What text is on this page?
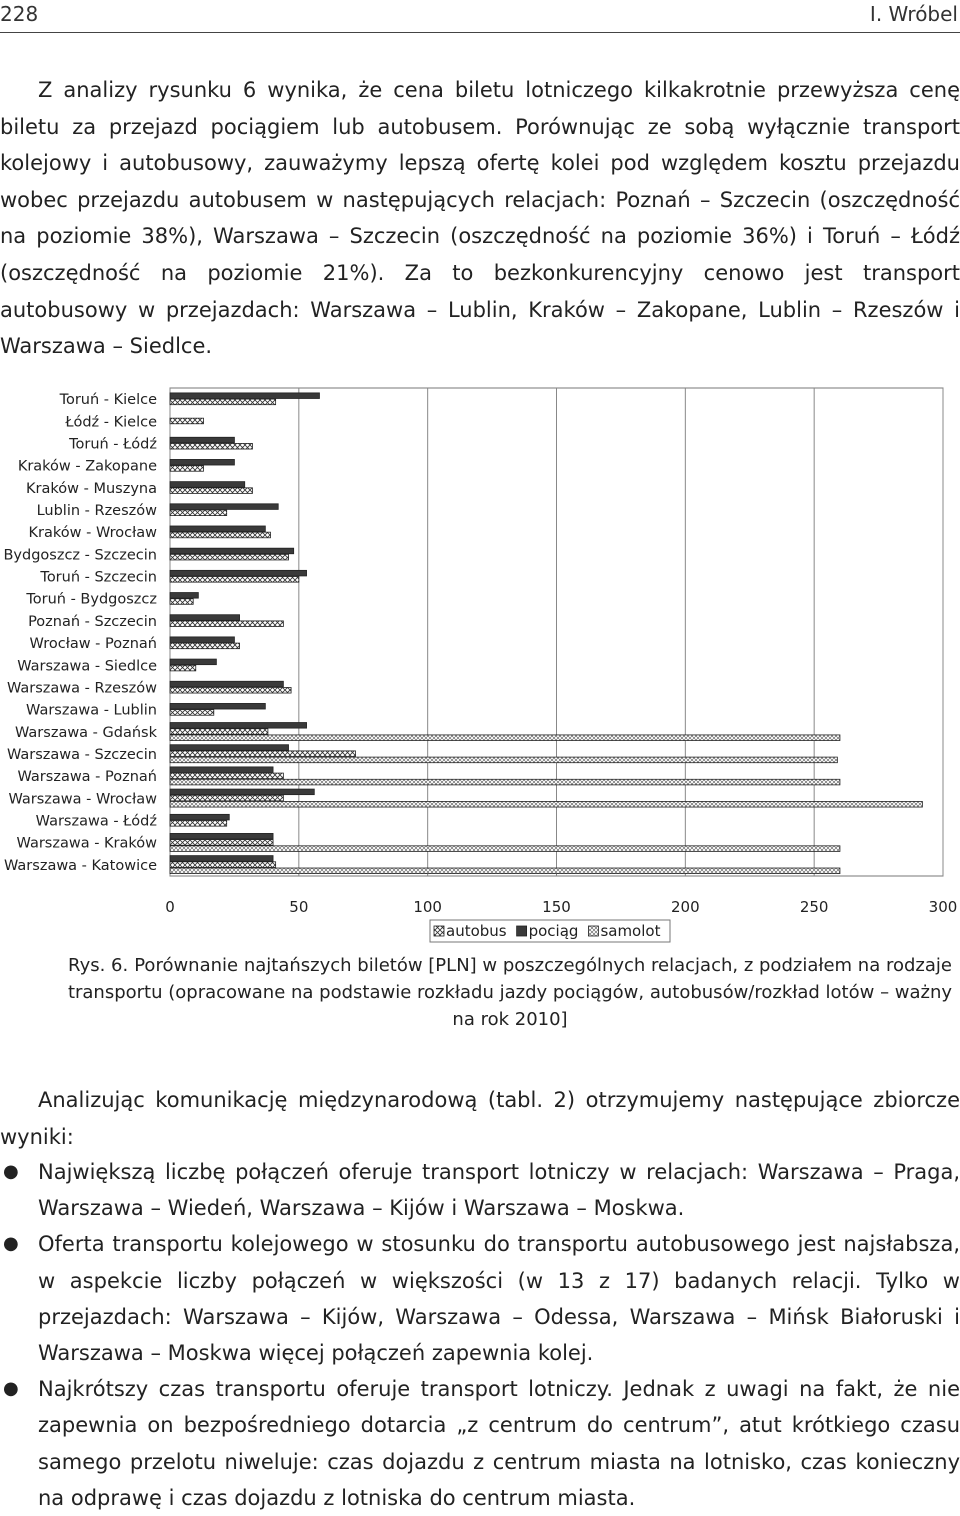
228	I. Wróbel

Z analizy rysunku 6 wynika, że cena biletu lotniczego kilkakrotnie przewyższa cenę biletu za przejazd pociągiem lub autobusem. Porównując ze sobą wyłącznie transport kolejowy i autobusowy, zauważymy lepszą ofertę kolei pod względem kosztu przejazdu wobec przejazdu autobusem w następujących relacjach: Poznań – Szczecin (oszczędność na poziomie 38%), Warszawa – Szczecin (oszczędność na poziomie 36%) i Toruń – Łódź (oszczędność na poziomie 21%). Za to bezkonkurencyjny cenowo jest transport autobusowy w przejazdach: Warszawa – Lublin, Kraków – Zakopane, Lublin – Rzeszów i Warszawa – Siedlce.

Toruń - Kielce
Łódź - Kielce
Toruń - Łódź
Kraków - Zakopane
Kraków - Muszyna
Lublin - Rzeszów
Kraków - Wrocław
Bydgoszcz - Szczecin
Toruń - Szczecin
Toruń - Bydgoszcz
Poznań - Szczecin
Wrocław - Poznań
Warszawa - Siedlce
Warszawa - Rzeszów
Warszawa - Lublin
Warszawa - Gdańsk
Warszawa - Szczecin
Warszawa - Poznań
Warszawa - Wrocław
Warszawa - Łódź
Warszawa - Kraków
Warszawa - Katowice
0	50	100	150	200	250	300
autobus pociąg samolot
Rys. 6. Porównanie najtańszych biletów [PLN] w poszczególnych relacjach, z podziałem na rodzaje transportu (opracowane na podstawie rozkładu jazdy pociągów, autobusów/rozkład lotów – ważny na rok 2010]

Analizując komunikację międzynarodową (tabl. 2) otrzymujemy następujące zbiorcze wyniki:

● Największą liczbę połączeń oferuje transport lotniczy w relacjach: Warszawa – Praga, Warszawa – Wiedeń, Warszawa – Kijów i Warszawa – Moskwa.
● Oferta transportu kolejowego w stosunku do transportu autobusowego jest najsłabsza, w aspekcie liczby połączeń w większości (w 13 z 17) badanych relacji. Tylko w przejazdach: Warszawa – Kijów, Warszawa – Odessa, Warszawa – Mińsk Białoruski i Warszawa – Moskwa więcej połączeń zapewnia kolej.
● Najkrótszy czas transportu oferuje transport lotniczy. Jednak z uwagi na fakt, że nie zapewnia on bezpośredniego dotarcia „z centrum do centrum”, atut krótkiego czasu samego przelotu niweluje: czas dojazdu z centrum miasta na lotnisko, czas konieczny na odprawę i czas dojazdu z lotniska do centrum miasta.
